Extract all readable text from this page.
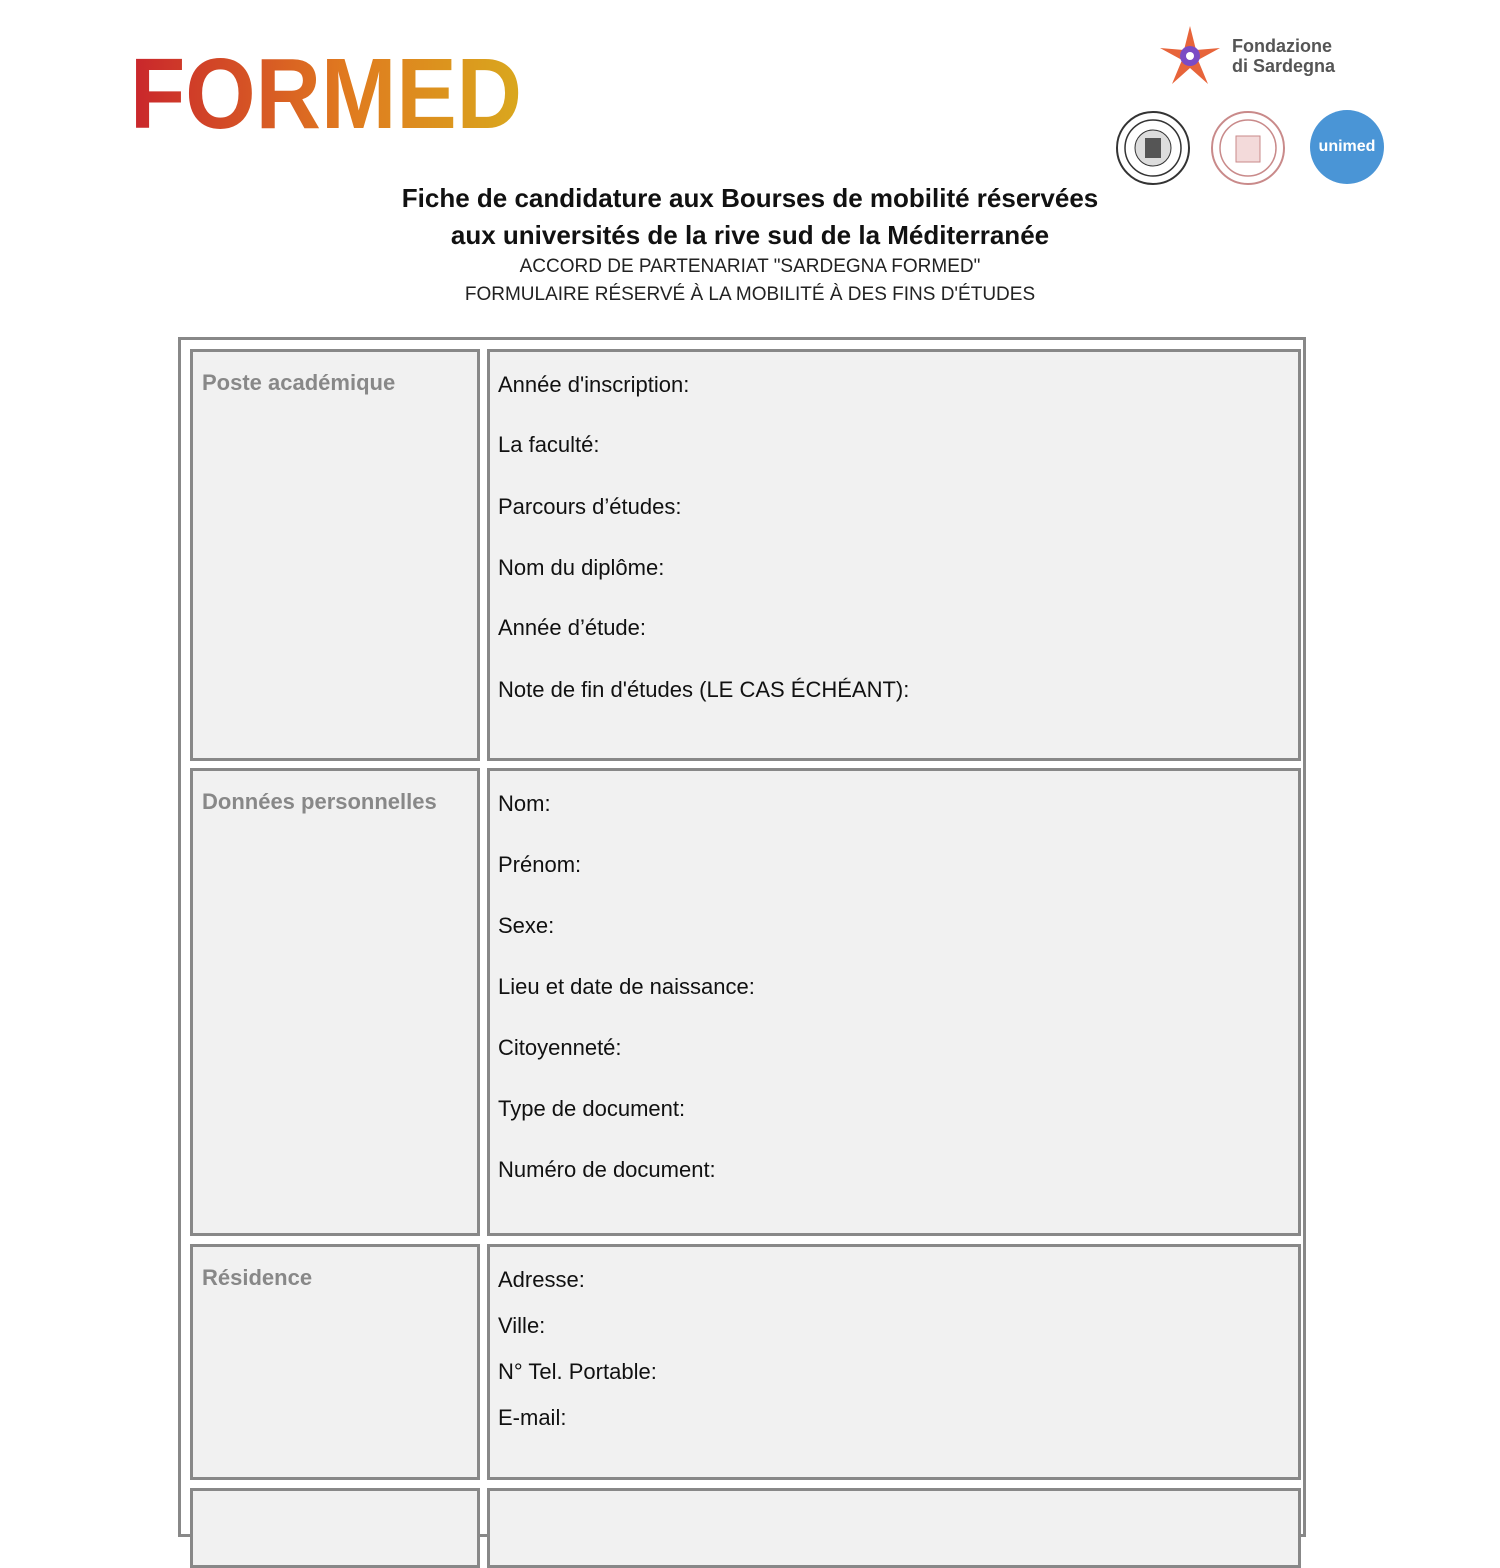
FORMED	Fondazione
di Sardegna
unimed
Fiche de candidature aux Bourses de mobilité réservées
aux universités de la rive sud de la Méditerranée
ACCORD DE PARTENARIAT "SARDEGNA FORMED"
FORMULAIRE RÉSERVÉ À LA MOBILITÉ À DES FINS D'ÉTUDES
Poste académique	Année d'inscription:
La faculté:
Parcours d’études:
Nom du diplôme:
Année d’étude:
Note de fin d'études (LE CAS ÉCHÉANT):
Données personnelles	Nom:
Prénom:
Sexe:
Lieu et date de naissance:
Citoyenneté:
Type de document:
Numéro de document:
Résidence	Adresse:
Ville:
N° Tel. Portable:
E-mail:
